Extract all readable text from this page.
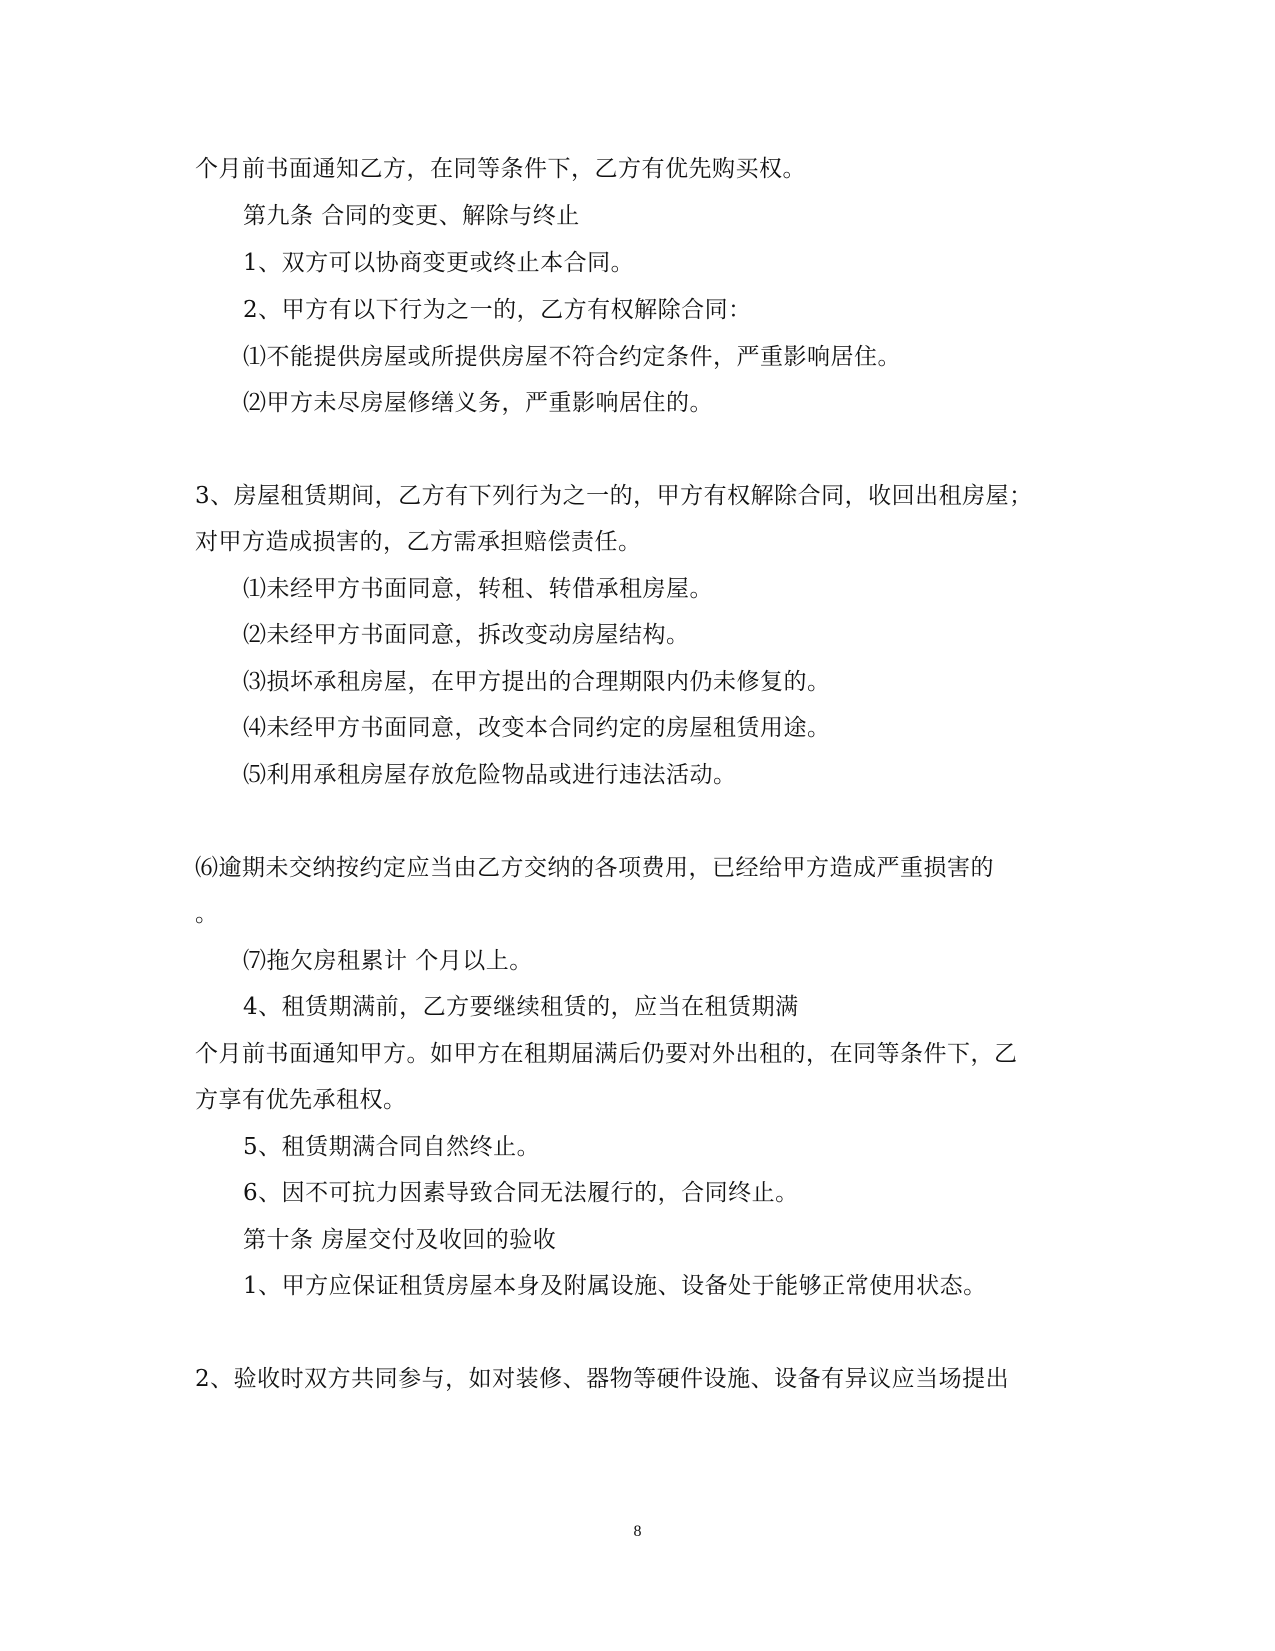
个月前书面通知乙方，在同等条件下，乙方有优先购买权。
第九条 合同的变更、解除与终止
1、双方可以协商变更或终止本合同。
2、甲方有以下行为之一的，乙方有权解除合同：
⑴不能提供房屋或所提供房屋不符合约定条件，严重影响居住。
⑵甲方未尽房屋修缮义务，严重影响居住的。
3、房屋租赁期间，乙方有下列行为之一的，甲方有权解除合同，收回出租房屋；
对甲方造成损害的，乙方需承担赔偿责任。
⑴未经甲方书面同意，转租、转借承租房屋。
⑵未经甲方书面同意，拆改变动房屋结构。
⑶损坏承租房屋，在甲方提出的合理期限内仍未修复的。
⑷未经甲方书面同意，改变本合同约定的房屋租赁用途。
⑸利用承租房屋存放危险物品或进行违法活动。
⑹逾期未交纳按约定应当由乙方交纳的各项费用，已经给甲方造成严重损害的
。
⑺拖欠房租累计 个月以上。
4、租赁期满前，乙方要继续租赁的，应当在租赁期满
个月前书面通知甲方。如甲方在租期届满后仍要对外出租的，在同等条件下，乙
方享有优先承租权。
5、租赁期满合同自然终止。
6、因不可抗力因素导致合同无法履行的，合同终止。
第十条 房屋交付及收回的验收
1、甲方应保证租赁房屋本身及附属设施、设备处于能够正常使用状态。
2、验收时双方共同参与，如对装修、器物等硬件设施、设备有异议应当场提出
8
